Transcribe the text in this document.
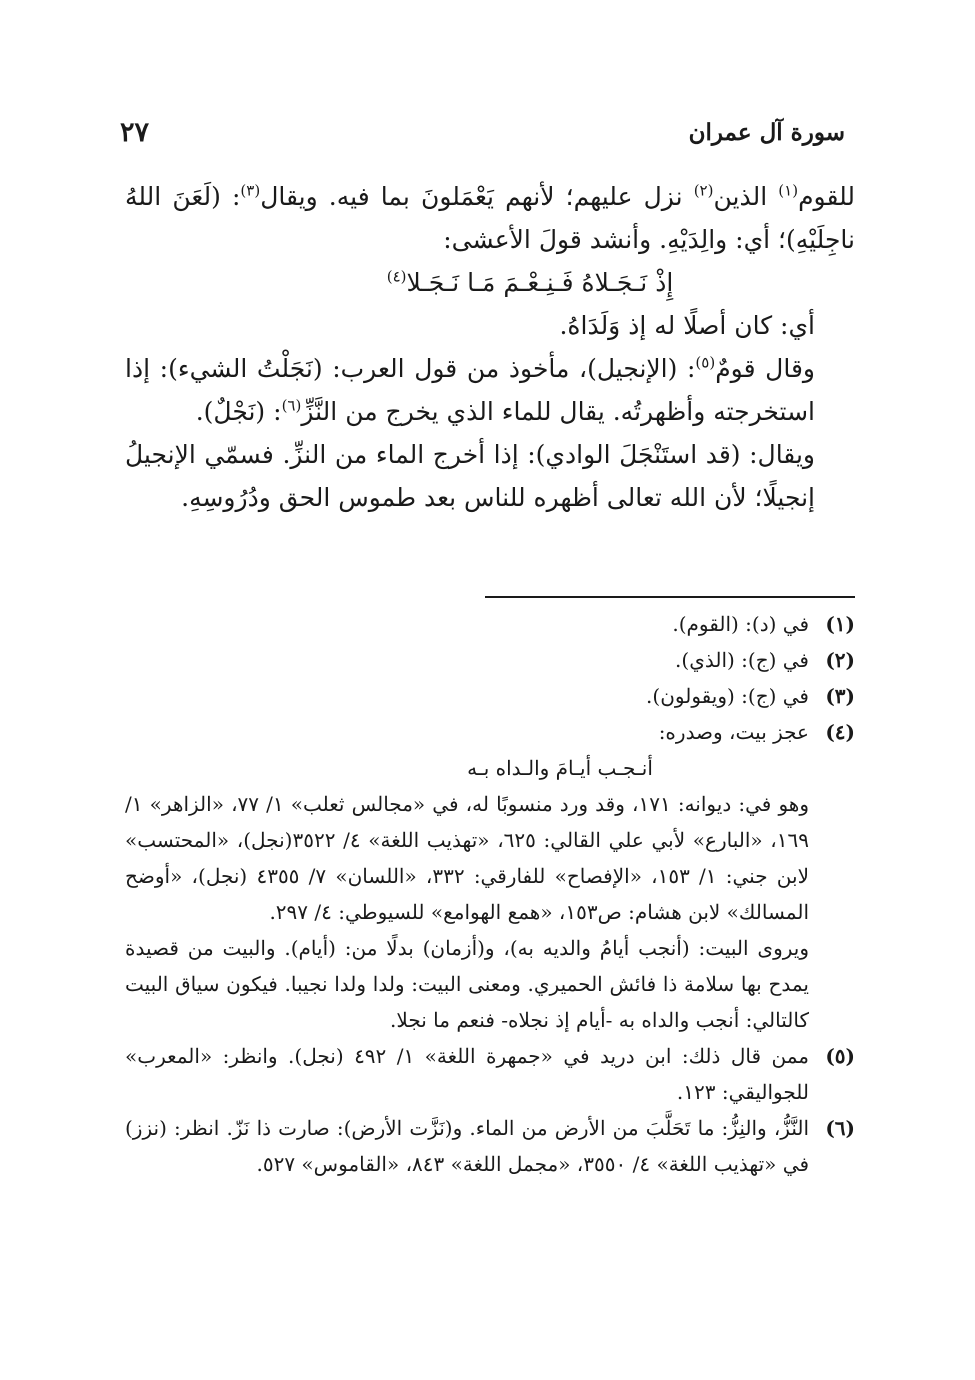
سورة آل عمران
٢٧

للقوم$^{(١)}$ الذين$^{(٢)}$ نزل عليهم؛ لأنهم يَعْمَلونَ بما فيه. ويقال$^{(٣)}$: (لَعَنَ اللهُ ناجِلَيْهِ)؛ أي: والِدَيْهِ. وأنشد قولَ الأعشى:

إِذْ نَـجَـلاهُ فَـنِـعْـمَ مَـا نَـجَـلا$^{(٤)}$

أي: كان أصلًا له إذ وَلَدَاهُ.

وقال قومٌ$^{(٥)}$: (الإنجيل)، مأخوذ من قول العرب: (نَجَلْتُ الشيء): إذا استخرجته وأظهرتُه. يقال للماء الذي يخرج من النَّزِّ$^{(٦)}$: (نَجْلٌ).

ويقال: (قد استَنْجَلَ الوادي): إذا أخرج الماء من النزِّ. فسمّي الإنجيلُ إنجيلًا؛ لأن الله تعالى أظهره للناس بعد طموس الحق ودُرُوسِهِ.

(١)
في (د): (القوم).
(٢)
في (ج): (الذي).
(٣)
في (ج): (ويقولون).
(٤)
عجز بيت، وصدره:
أنـجـب أيـامَ والـداه بـه
وهو في: ديوانه: ١٧١، وقد ورد منسوبًا له، في «مجالس ثعلب» ١/ ٧٧، «الزاهر» ١/ ١٦٩، «البارع» لأبي علي القالي: ٦٢٥، «تهذيب اللغة» ٤/ ٣٥٢٢(نجل)، «المحتسب» لابن جني: ١/ ١٥٣، «الإفصاح» للفارقي: ٣٣٢، «اللسان» ٧/ ٤٣٥٥ (نجل)، «أوضح المسالك» لابن هشام: ص١٥٣، «همع الهوامع» للسيوطي: ٤/ ٢٩٧.
ويروى البيت: (أنجب أيامُ والديه به)، و(أزمان) بدلًا من: (أيام). والبيت من قصيدة يمدح بها سلامة ذا فائش الحميري. ومعنى البيت: ولدا ولدا نجيبا. فيكون سياق البيت كالتالي: أنجب والداه به -أيام إذ نجلاه- فنعم ما نجلا.
(٥)
ممن قال ذلك: ابن دريد في «جمهرة اللغة» ١/ ٤٩٢ (نجل). وانظر: «المعرب» للجواليقي: ١٢٣.
(٦)
النَّزُّ، والنِزُّ: ما تَحَلَّبَ من الأرض من الماء. و(نَزَّت الأرض): صارت ذا نَزّ. انظر: (نزز) في «تهذيب اللغة» ٤/ ٣٥٥٠، «مجمل اللغة» ٨٤٣، «القاموس» ٥٢٧.
